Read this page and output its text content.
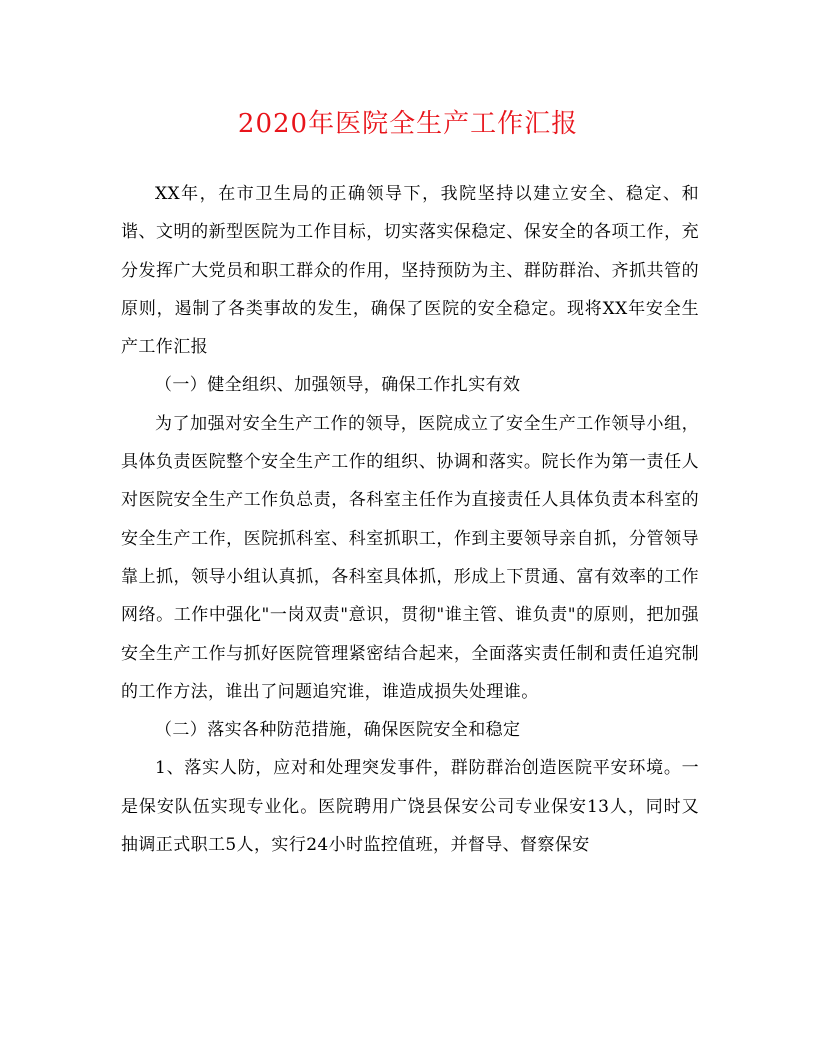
2020年医院全生产工作汇报

XX年，在市卫生局的正确领导下，我院坚持以建立安全、稳定、和谐、文明的新型医院为工作目标，切实落实保稳定、保安全的各项工作，充分发挥广大党员和职工群众的作用，坚持预防为主、群防群治、齐抓共管的原则，遏制了各类事故的发生，确保了医院的安全稳定。现将XX年安全生产工作汇报

（一）健全组织、加强领导，确保工作扎实有效

为了加强对安全生产工作的领导，医院成立了安全生产工作领导小组，具体负责医院整个安全生产工作的组织、协调和落实。院长作为第一责任人对医院安全生产工作负总责，各科室主任作为直接责任人具体负责本科室的安全生产工作，医院抓科室、科室抓职工，作到主要领导亲自抓，分管领导靠上抓，领导小组认真抓，各科室具体抓，形成上下贯通、富有效率的工作网络。工作中强化"一岗双责"意识，贯彻"谁主管、谁负责"的原则，把加强安全生产工作与抓好医院管理紧密结合起来，全面落实责任制和责任追究制的工作方法，谁出了问题追究谁，谁造成损失处理谁。

（二）落实各种防范措施，确保医院安全和稳定

1、落实人防，应对和处理突发事件，群防群治创造医院平安环境。一是保安队伍实现专业化。医院聘用广饶县保安公司专业保安13人，同时又抽调正式职工5人，实行24小时监控值班，并督导、督察保安
